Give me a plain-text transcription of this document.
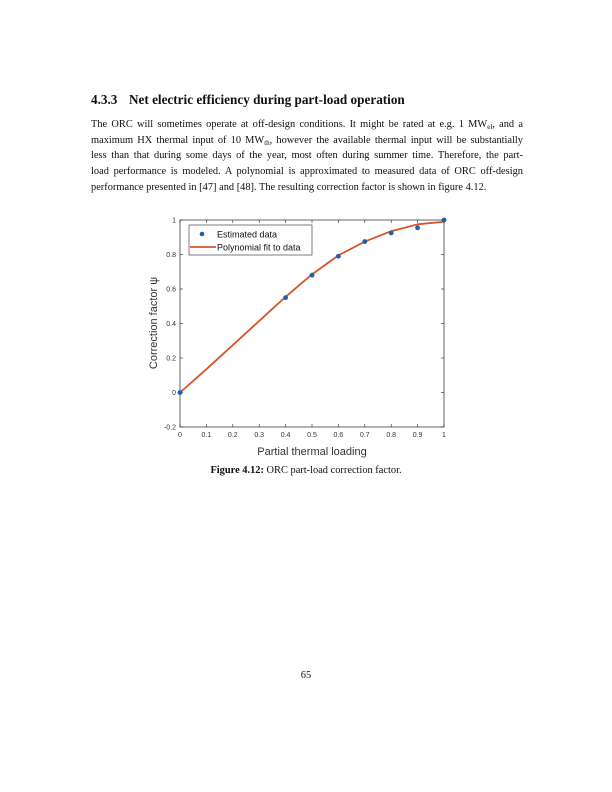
4.3.3 Net electric efficiency during part-load operation
The ORC will sometimes operate at off-design conditions. It might be rated at e.g. 1 $MW_{el}$, and a
maximum HX thermal input of 10 $MW_{th}$, however the available thermal input will be substantially
less than that during some days of the year, most often during summer time. Therefore, the part-
load performance is modeled. A polynomial is approximated to measured data of ORC off-design
performance presented in [47] and [48]. The resulting correction factor is shown in figure 4.12.
0	0.1 0.2 0.3 0.4 0.5 0.6 0.7 0.8 0.9	1
-0.2
0
0.2
0.4
0.6
0.8
1
Estimated data
Polynomial fit to data
Partial thermal loading
Correction factor ψ
Figure 4.12: ORC part-load correction factor.
65
